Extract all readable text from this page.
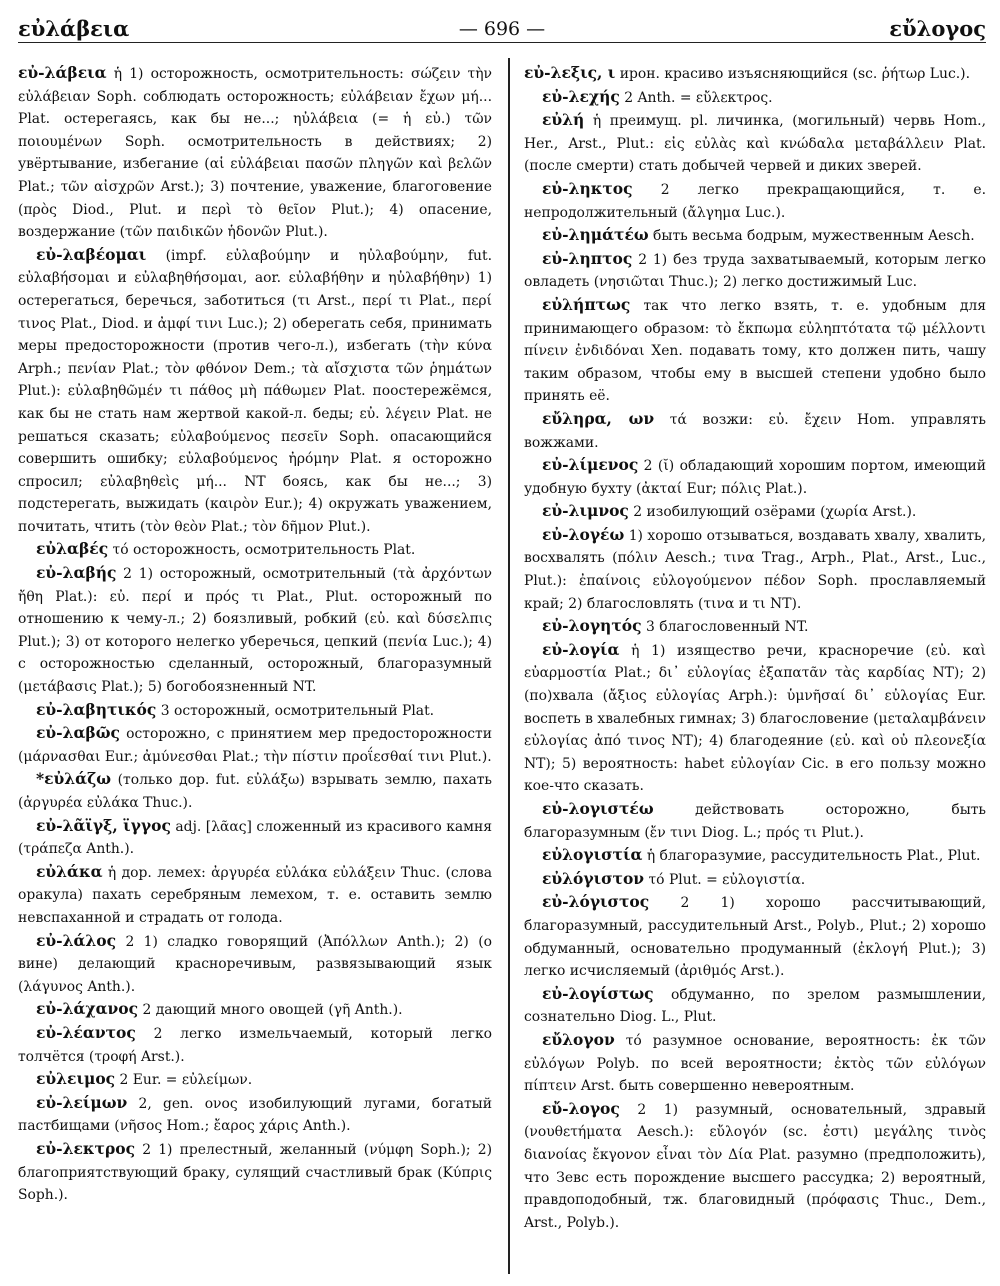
εὐλάβεια	— 696 —	εὔλογος

εὐ-λάβεια ἡ 1) осторожность, осмотрительность: σώζειν τὴν εὐλάβειαν Soph. соблюдать осторожность; εὐλάβειαν ἔχων μή... Plat. остерегаясь, как бы не...; ηὐλάβεια (= ἡ εὐ.) τῶν ποιουμένων Soph. осмотрительность в действиях; 2) увёртывание, избегание (αἱ εὐλάβειαι πασῶν πληγῶν καὶ βελῶν Plat.; τῶν αἰσχρῶν Arst.); 3) почтение, уважение, благоговение (πρὸς Diod., Plut. и περὶ τὸ θεῖον Plut.); 4) опасение, воздержание (τῶν παιδικῶν ἡδονῶν Plut.).

εὐ-λαβέομαι (impf. εὐλαβούμην и ηὐλαβούμην, fut. εὐλαβήσομαι и εὐλαβηθήσομαι, aor. εὐλαβήθην и ηὐλαβήθην) 1) остерегаться, беречься, заботиться (τι Arst., περί τι Plat., περί τινος Plat., Diod. и ἀμφί τινι Luc.); 2) оберегать себя, принимать меры предосторожности (против чего-л.), избегать (τὴν κύνα Arph.; πενίαν Plat.; τὸν φθόνον Dem.; τὰ αἴσχιστα τῶν ῥημάτων Plut.): εὐλαβηθῶμέν τι πάθος μὴ πάθωμεν Plat. поостережёмся, как бы не стать нам жертвой какой-л. беды; εὐ. λέγειν Plat. не решаться сказать; εὐλαβούμενος πεσεῖν Soph. опасающийся совершить ошибку; εὐλαβούμενος ἠρόμην Plat. я осторожно спросил; εὐλαβηθεὶς μή... NT боясь, как бы не...; 3) подстерегать, выжидать (καιρὸν Eur.); 4) окружать уважением, почитать, чтить (τὸν θεὸν Plat.; τὸν δῆμον Plut.).

εὐλαβές τό осторожность, осмотрительность Plat.

εὐ-λαβής 2 1) осторожный, осмотрительный (τὰ ἀρχόντων ἤθη Plat.): εὐ. περί и πρός τι Plat., Plut. осторожный по отношению к чему-л.; 2) боязливый, робкий (εὐ. καὶ δύσελπις Plut.); 3) от которого нелегко уберечься, цепкий (πενία Luc.); 4) с осторожностью сделанный, осторожный, благоразумный (μετάβασις Plat.); 5) богобоязненный NT.

εὐ-λαβητικός 3 осторожный, осмотрительный Plat.

εὐ-λαβῶς осторожно, с принятием мер предосторожности (μάρνασθαι Eur.; ἀμύνεσθαι Plat.; τὴν πίστιν προΐεσθαί τινι Plut.).

*εὐλάζω (только дор. fut. εὐλάξω) взрывать землю, пахать (ἀργυρέα εὐλάκα Thuc.).

εὐ-λᾶϊγξ, ϊγγος adj. [λᾶας] сложенный из красивого камня (τράπεζα Anth.).

εὐλάκα ἡ дор. лемех: ἀργυρέα εὐλάκα εὐλάξειν Thuc. (слова оракула) пахать серебряным лемехом, т. е. оставить землю невспаханной и страдать от голода.

εὐ-λάλος 2 1) сладко говорящий (Ἀπόλλων Anth.); 2) (о вине) делающий красноречивым, развязывающий язык (λάγυνος Anth.).

εὐ-λάχανος 2 дающий много овощей (γῆ Anth.).

εὐ-λέαντος 2 легко измельчаемый, который легко толчётся (τροφή Arst.).

εὐλειμος 2 Eur. = εὐλείμων.

εὐ-λείμων 2, gen. ονος изобилующий лугами, богатый пастбищами (νῆσος Hom.; ἔαρος χάρις Anth.).

εὐ-λεκτρος 2 1) прелестный, желанный (νύμφη Soph.); 2) благоприятствующий браку, сулящий счастливый брак (Κύπρις Soph.).

εὐ-λεξις, ι ирон. красиво изъясняющийся (sc. ῥήτωρ Luc.).

εὐ-λεχής 2 Anth. = εὔλεκτρος.

εὐλή ἡ преимущ. pl. личинка, (могильный) червь Hom., Her., Arst., Plut.: εἰς εὐλὰς καὶ κνώδαλα μεταβάλλειν Plat. (после смерти) стать добычей червей и диких зверей.

εὐ-ληκτος 2 легко прекращающийся, т. е. непродолжительный (ἄλγημα Luc.).

εὐ-λημάτέω быть весьма бодрым, мужественным Aesch.

εὐ-ληπτος 2 1) без труда захватываемый, которым легко овладеть (νησιῶται Thuc.); 2) легко достижимый Luc.

εὐλήπτως так что легко взять, т. е. удобным для принимающего образом: τὸ ἔκπωμα εὐληπτότατα τῷ μέλλοντι πίνειν ἐνδιδόναι Xen. подавать тому, кто должен пить, чашу таким образом, чтобы ему в высшей степени удобно было принять её.

εὔληρα, ων τά возжи: εὐ. ἔχειν Hom. управлять вожжами.

εὐ-λίμενος 2 (ῐ) обладающий хорошим портом, имеющий удобную бухту (ἀκταί Eur; πόλις Plat.).

εὐ-λιμνος 2 изобилующий озёрами (χωρία Arst.).

εὐ-λογέω 1) хорошо отзываться, воздавать хвалу, хвалить, восхвалять (πόλιν Aesch.; τινα Trag., Arph., Plat., Arst., Luc., Plut.): ἐπαίνοις εὐλογούμενον πέδον Soph. прославляемый край; 2) благословлять (τινα и τι NT).

εὐ-λογητός 3 благословенный NT.

εὐ-λογία ἡ 1) изящество речи, красноречие (εὐ. καὶ εὐαρμοστία Plat.; δι᾽ εὐλογίας ἐξαπατᾶν τὰς καρδίας NT); 2) (по)хвала (ἄξιος εὐλογίας Arph.): ὑμνῆσαί δι᾽ εὐλογίας Eur. воспеть в хвалебных гимнах; 3) благословение (μεταλαμβάνειν εὐλογίας ἀπό τινος NT); 4) благодеяние (εὐ. καὶ οὐ πλεονεξία NT); 5) вероятность: habet εὐλογίαν Cic. в его пользу можно кое-что сказать.

εὐ-λογιστέω действовать осторожно, быть благоразумным (ἔν τινι Diog. L.; πρός τι Plut.).

εὐλογιστία ἡ благоразумие, рассудительность Plat., Plut.

εὐλόγιστον τό Plut. = εὐλογιστία.

εὐ-λόγιστος 2 1) хорошо рассчитывающий, благоразумный, рассудительный Arst., Polyb., Plut.; 2) хорошо обдуманный, основательно продуманный (ἐκλογή Plut.); 3) легко исчисляемый (ἀριθμός Arst.).

εὐ-λογίστως обдуманно, по зрелом размышлении, сознательно Diog. L., Plut.

εὔλογον τό разумное основание, вероятность: ἐκ τῶν εὐλόγων Polyb. по всей вероятности; ἐκτὸς τῶν εὐλόγων πίπτειν Arst. быть совершенно невероятным.

εὔ-λογος 2 1) разумный, основательный, здравый (νουθετήματα Aesch.): εὔλογόν (sc. ἐστι) μεγάλης τινὸς διανοίας ἔκγονον εἶναι τὸν Δία Plat. разумно (предположить), что Зевс есть порождение высшего рассудка; 2) вероятный, правдоподобный, тж. благовидный (πρόφασις Thuc., Dem., Arst., Polyb.).
